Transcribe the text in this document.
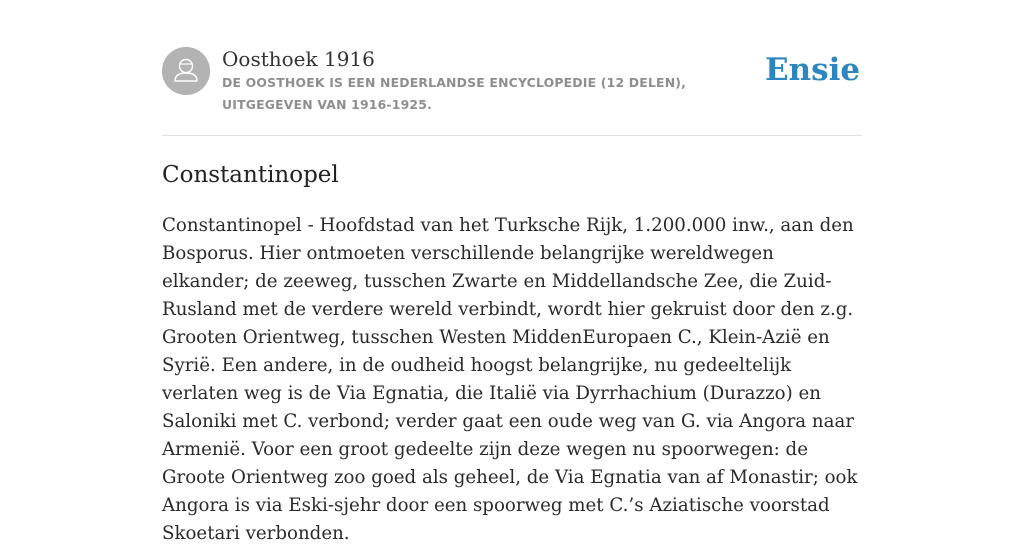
Oosthoek 1916
DE OOSTHOEK IS EEN NEDERLANDSE ENCYCLOPEDIE (12 DELEN), UITGEGEVEN VAN 1916-1925.
Ensie
Constantinopel

Constantinopel - Hoofdstad van het Turksche Rijk, 1.200.000 inw., aan den Bosporus. Hier ontmoeten verschillende belangrijke wereldwegen elkander; de zeeweg, tusschen Zwarte en Middellandsche Zee, die Zuid-Rusland met de verdere wereld verbindt, wordt hier gekruist door den z.g. Grooten Orientweg, tusschen Westen MiddenEuropaen C., Klein-Azië en Syrië. Een andere, in de oudheid hoogst belangrijke, nu gedeeltelijk verlaten weg is de Via Egnatia, die Italië via Dyrrhachium (Durazzo) en Saloniki met C. verbond; verder gaat een oude weg van G. via Angora naar Armenië. Voor een groot gedeelte zijn deze wegen nu spoorwegen: de Groote Orientweg zoo goed als geheel, de Via Egnatia van af Monastir; ook Angora is via Eski-sjehr door een spoorweg met C.’s Aziatische voorstad Skoetari verbonden.
